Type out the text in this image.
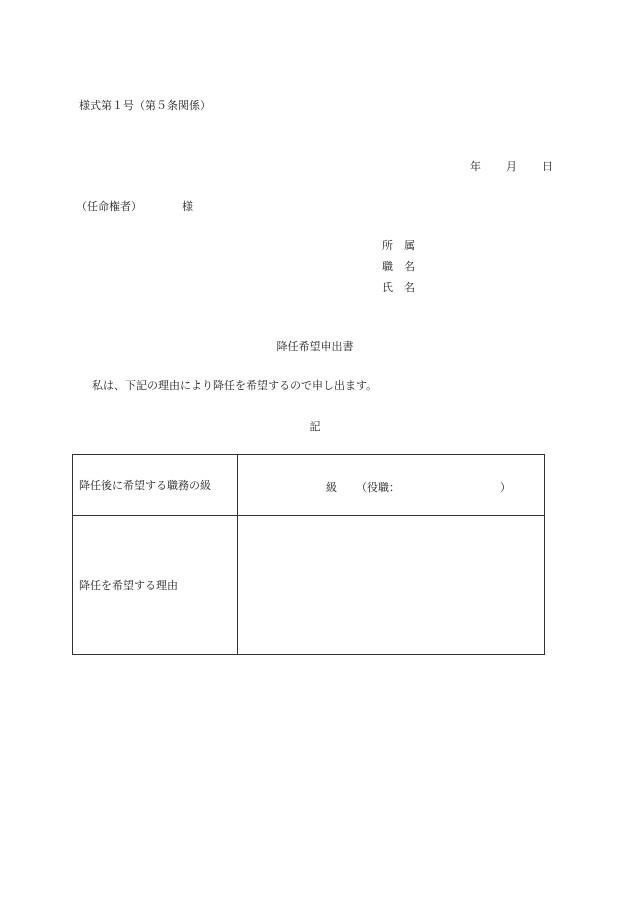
様式第１号（第５条関係）
年 月 日
（任命権者）	様
所　属
職　名
氏　名
降任希望申出書
私は、下記の理由により降任を希望するので申し出ます。
記
降任後に希望する職務の級	級 （役職： ）

降任を希望する理由	
